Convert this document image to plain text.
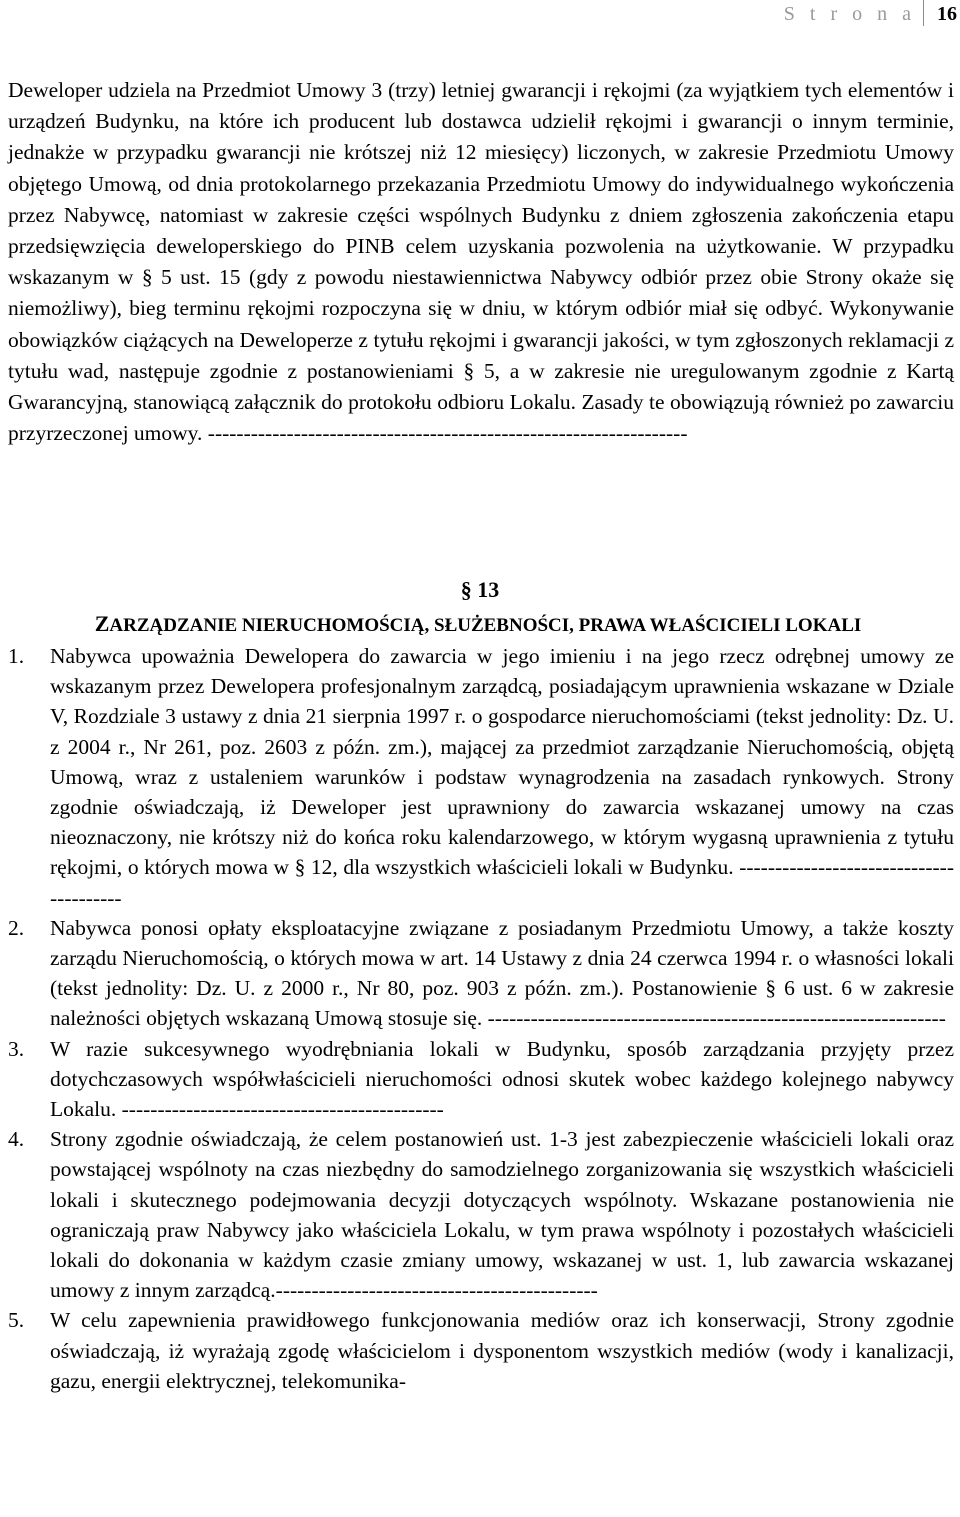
S t r o n a 16

Deweloper udziela na Przedmiot Umowy 3 (trzy) letniej gwarancji i rękojmi (za wyjątkiem tych elementów i urządzeń Budynku, na które ich producent lub dostawca udzielił rękojmi i gwarancji o innym terminie, jednakże w przypadku gwarancji nie krótszej niż 12 miesięcy) liczonych, w zakresie Przedmiotu Umowy objętego Umową, od dnia protokolarnego przekazania Przedmiotu Umowy do indywidualnego wykończenia przez Nabywcę, natomiast w zakresie części wspólnych Budynku z dniem zgłoszenia zakończenia etapu przedsięwzięcia deweloperskiego do PINB celem uzyskania pozwolenia na użytkowanie. W przypadku wskazanym w § 5 ust. 15 (gdy z powodu niestawiennictwa Nabywcy odbiór przez obie Strony okaże się niemożliwy), bieg terminu rękojmi rozpoczyna się w dniu, w którym odbiór miał się odbyć. Wykonywanie obowiązków ciążących na Deweloperze z tytułu rękojmi i gwarancji jakości, w tym zgłoszonych reklamacji z tytułu wad, następuje zgodnie z postanowieniami § 5, a w zakresie nie uregulowanym zgodnie z Kartą Gwarancyjną, stanowiącą załącznik do protokołu odbioru Lokalu. Zasady te obowiązują również po zawarciu przyrzeczonej umowy. -------------------------------------------------------------------

§ 13
ZARZĄDZANIE NIERUCHOMOŚCIĄ, SŁUŻEBNOŚCI, PRAWA WŁAŚCICIELI LOKALI

1. Nabywca upoważnia Dewelopera do zawarcia w jego imieniu i na jego rzecz odrębnej umowy ze wskazanym przez Dewelopera profesjonalnym zarządcą, posiadającym uprawnienia wskazane w Dziale V, Rozdziale 3 ustawy z dnia 21 sierpnia 1997 r. o gospodarce nieruchomościami (tekst jednolity: Dz. U. z 2004 r., Nr 261, poz. 2603 z późn. zm.), mającej za przedmiot zarządzanie Nieruchomością, objętą Umową, wraz z ustaleniem warunków i podstaw wynagrodzenia na zasadach rynkowych. Strony zgodnie oświadczają, iż Deweloper jest uprawniony do zawarcia wskazanej umowy na czas nieoznaczony, nie krótszy niż do końca roku kalendarzowego, w którym wygasną uprawnienia z tytułu rękojmi, o których mowa w § 12, dla wszystkich właścicieli lokali w Budynku. ----------------------------------------

2. Nabywca ponosi opłaty eksploatacyjne związane z posiadanym Przedmiotu Umowy, a także koszty zarządu Nieruchomością, o których mowa w art. 14 Ustawy z dnia 24 czerwca 1994 r. o własności lokali (tekst jednolity: Dz. U. z 2000 r., Nr 80, poz. 903 z późn. zm.). Postanowienie § 6 ust. 6 w zakresie należności objętych wskazaną Umową stosuje się. ----------------------------------------------------------------

3. W razie sukcesywnego wyodrębniania lokali w Budynku, sposób zarządzania przyjęty przez dotychczasowych współwłaścicieli nieruchomości odnosi skutek wobec każdego kolejnego nabywcy Lokalu. ---------------------------------------------

4. Strony zgodnie oświadczają, że celem postanowień ust. 1-3 jest zabezpieczenie właścicieli lokali oraz powstającej wspólnoty na czas niezbędny do samodzielnego zorganizowania się wszystkich właścicieli lokali i skutecznego podejmowania decyzji dotyczących wspólnoty. Wskazane postanowienia nie ograniczają praw Nabywcy jako właściciela Lokalu, w tym prawa wspólnoty i pozostałych właścicieli lokali do dokonania w każdym czasie zmiany umowy, wskazanej w ust. 1, lub zawarcia wskazanej umowy z innym zarządcą.---------------------------------------------

5. W celu zapewnienia prawidłowego funkcjonowania mediów oraz ich konserwacji, Strony zgodnie oświadczają, iż wyrażają zgodę właścicielom i dysponentom wszystkich mediów (wody i kanalizacji, gazu, energii elektrycznej, telekomunika-
